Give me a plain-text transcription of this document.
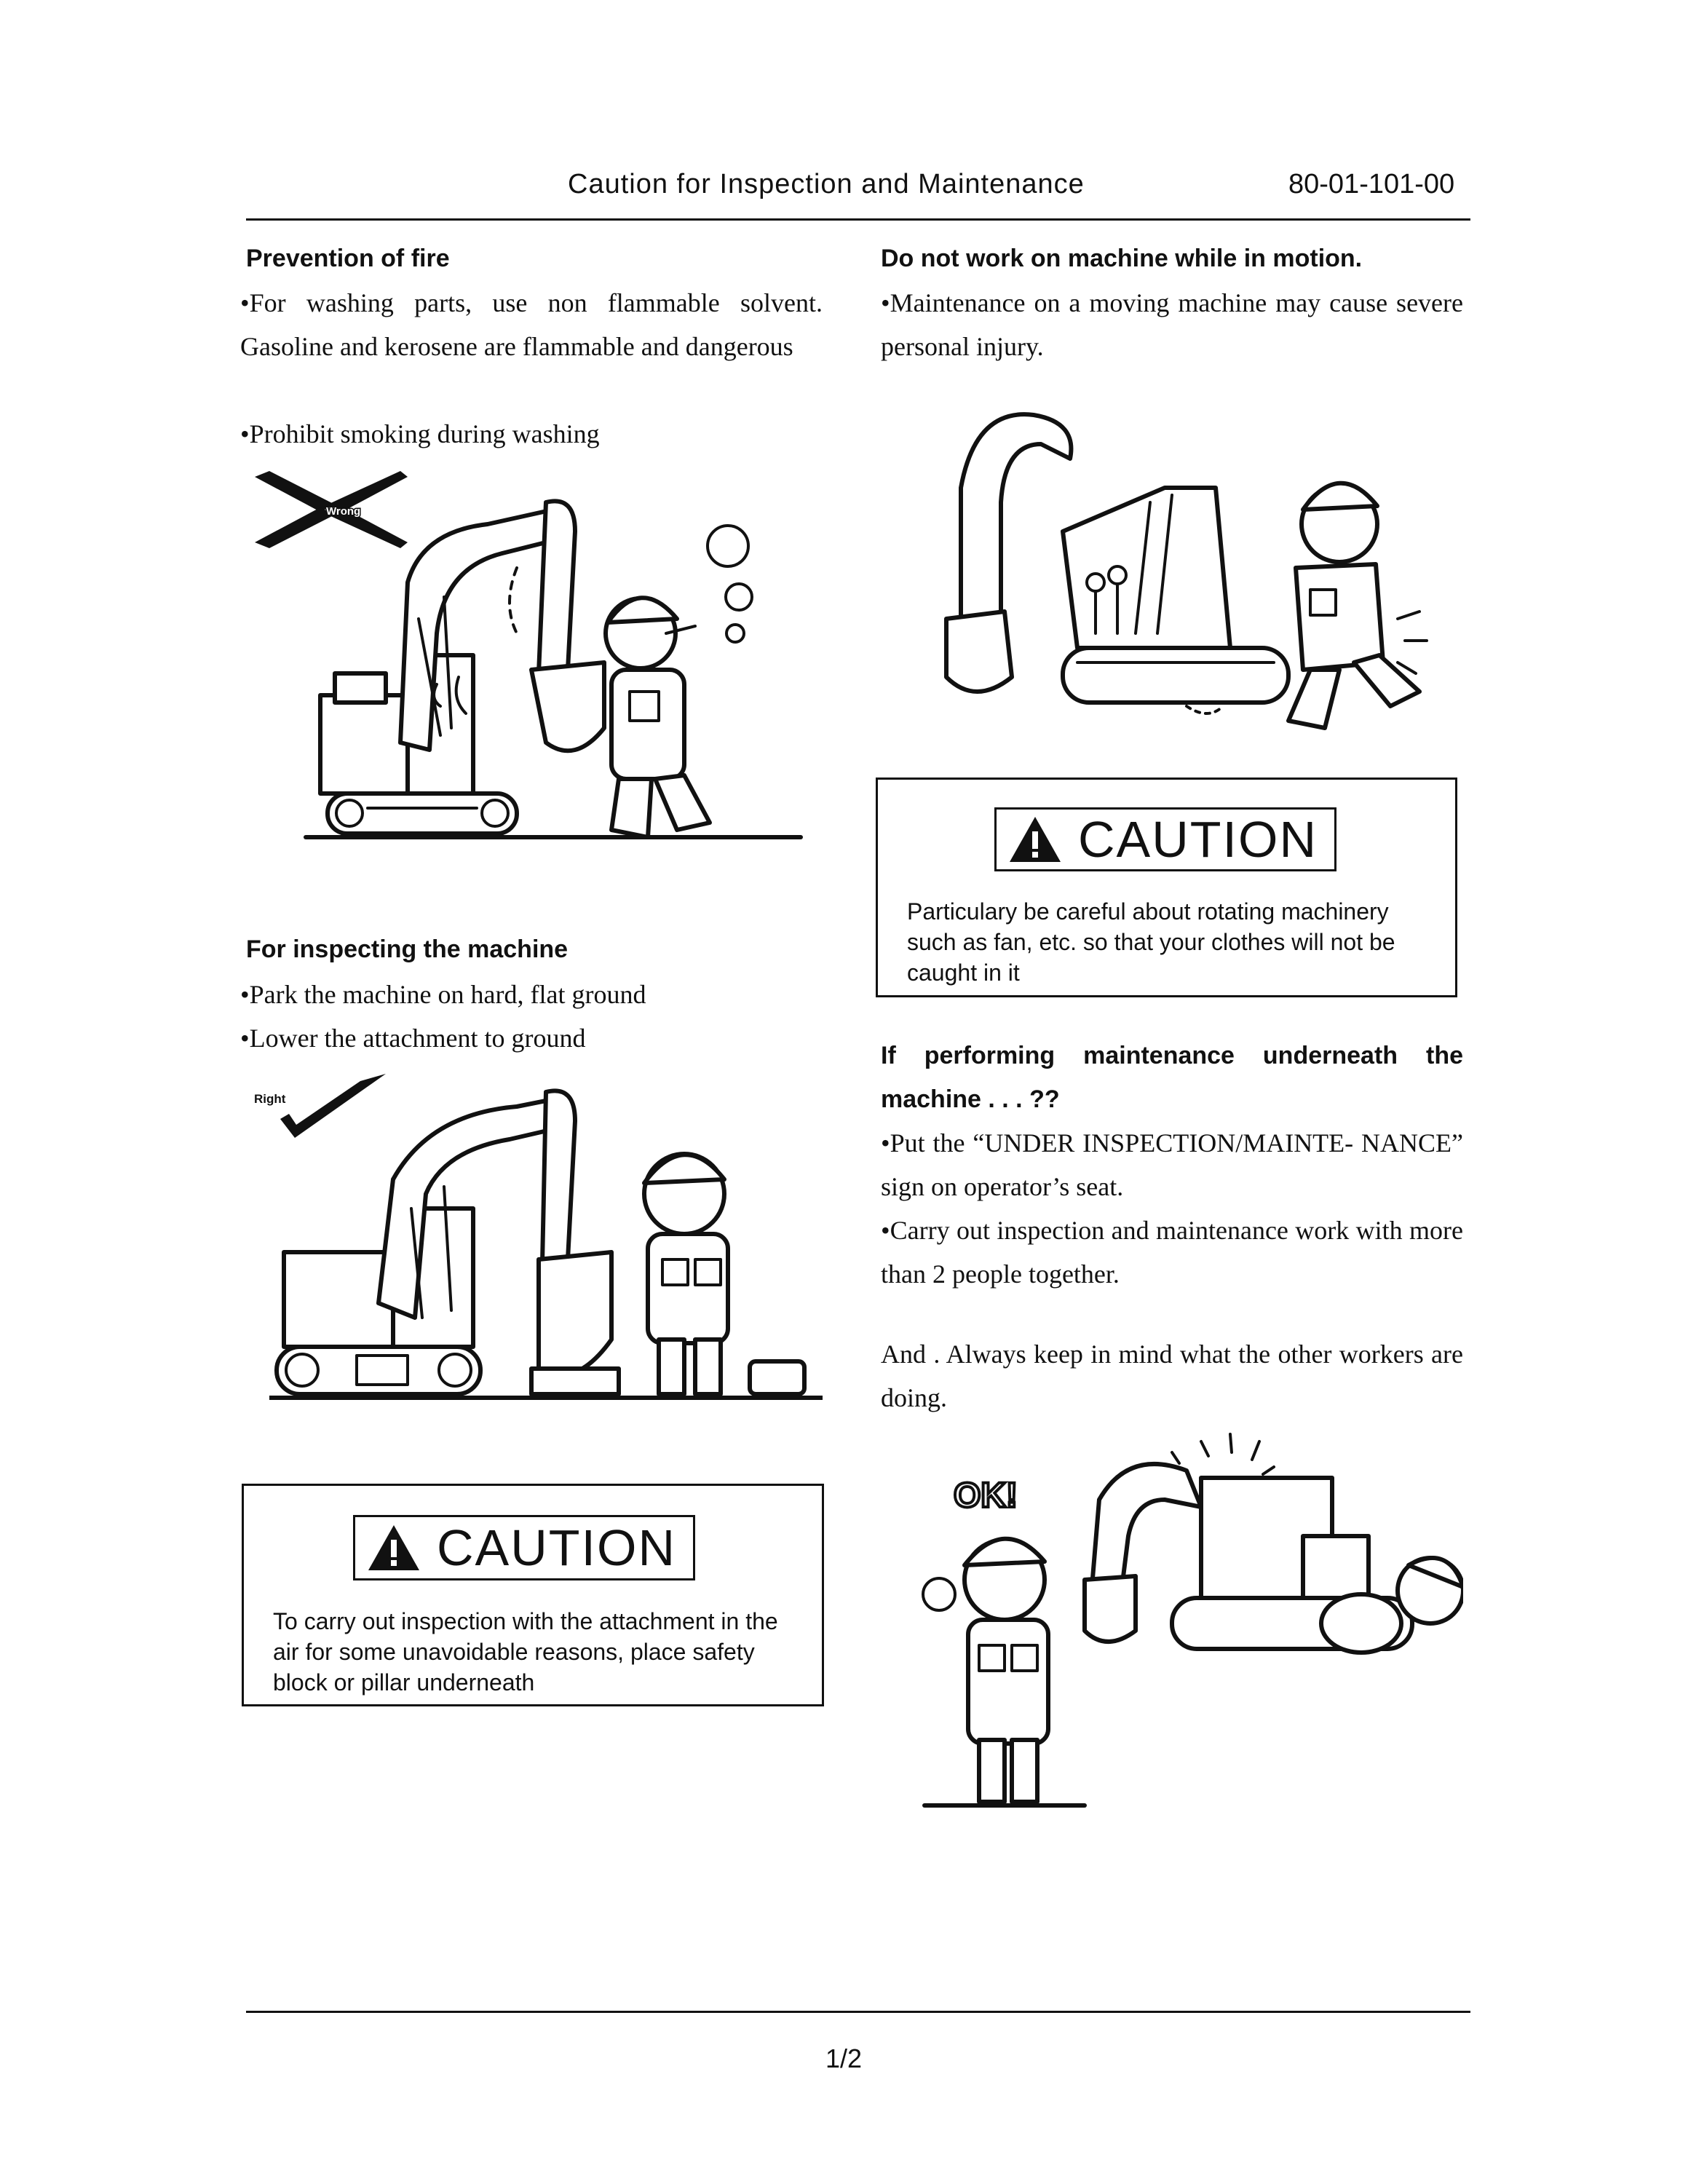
Caution for Inspection and Maintenance	80-01-101-00
Prevention of fire
•For washing parts, use non flammable solvent. Gasoline and kerosene are flammable and dangerous
•Prohibit smoking during washing
Wrong
For inspecting the machine
•Park the machine on hard, flat ground
•Lower the attachment to ground
Right
CAUTION
To carry out inspection with the attachment in the air for some unavoidable reasons, place safety block or pillar underneath
Do not work on machine while in motion.
•Maintenance on a moving machine may cause severe personal injury.
CAUTION
Particulary be careful about rotating machinery such as fan, etc. so that your clothes will not be caught in it
If performing maintenance underneath the machine . . . ??
•Put the “UNDER INSPECTION/MAINTE- NANCE” sign on operator’s seat.
•Carry out inspection and maintenance work with more than 2 people together.
And . Always keep in mind what the other workers are doing.
OK!
1/2
